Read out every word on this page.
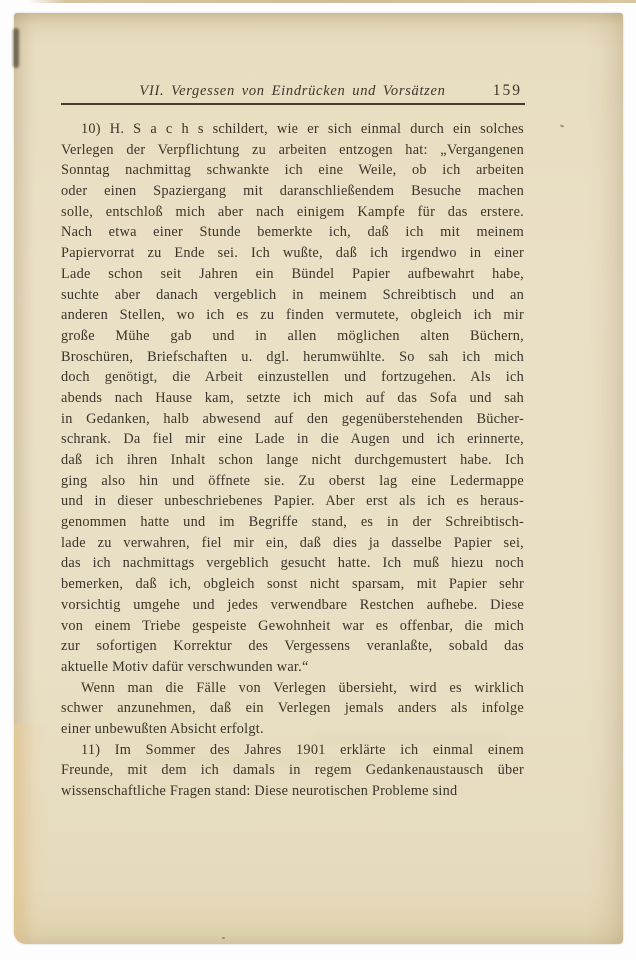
VII. Vergessen von Eindrücken und Vorsätzen	159
10) H. S a c h s schildert, wie er sich einmal durch ein solches
Verlegen der Verpflichtung zu arbeiten entzogen hat: „Vergangenen
Sonntag nachmittag schwankte ich eine Weile, ob ich arbeiten
oder einen Spaziergang mit daranschließendem Besuche machen
solle, entschloß mich aber nach einigem Kampfe für das erstere.
Nach etwa einer Stunde bemerkte ich, daß ich mit meinem
Papiervorrat zu Ende sei. Ich wußte, daß ich irgendwo in einer
Lade schon seit Jahren ein Bündel Papier aufbewahrt habe,
suchte aber danach vergeblich in meinem Schreibtisch und an
anderen Stellen, wo ich es zu finden vermutete, obgleich ich mir
große Mühe gab und in allen möglichen alten Büchern,
Broschüren, Briefschaften u. dgl. herumwühlte. So sah ich mich
doch genötigt, die Arbeit einzustellen und fortzugehen. Als ich
abends nach Hause kam, setzte ich mich auf das Sofa und sah
in Gedanken, halb abwesend auf den gegenüberstehenden Bücher-
schrank. Da fiel mir eine Lade in die Augen und ich erinnerte,
daß ich ihren Inhalt schon lange nicht durchgemustert habe. Ich
ging also hin und öffnete sie. Zu oberst lag eine Ledermappe
und in dieser unbeschriebenes Papier. Aber erst als ich es heraus-
genommen hatte und im Begriffe stand, es in der Schreibtisch-
lade zu verwahren, fiel mir ein, daß dies ja dasselbe Papier sei,
das ich nachmittags vergeblich gesucht hatte. Ich muß hiezu noch
bemerken, daß ich, obgleich sonst nicht sparsam, mit Papier sehr
vorsichtig umgehe und jedes verwendbare Restchen aufhebe. Diese
von einem Triebe gespeiste Gewohnheit war es offenbar, die mich
zur sofortigen Korrektur des Vergessens veranlaßte, sobald das
aktuelle Motiv dafür verschwunden war.“
Wenn man die Fälle von Verlegen übersieht, wird es wirklich
schwer anzunehmen, daß ein Verlegen jemals anders als infolge
einer unbewußten Absicht erfolgt.
11) Im Sommer des Jahres 1901 erklärte ich einmal einem
Freunde, mit dem ich damals in regem Gedankenaustausch über
wissenschaftliche Fragen stand: Diese neurotischen Probleme sind
